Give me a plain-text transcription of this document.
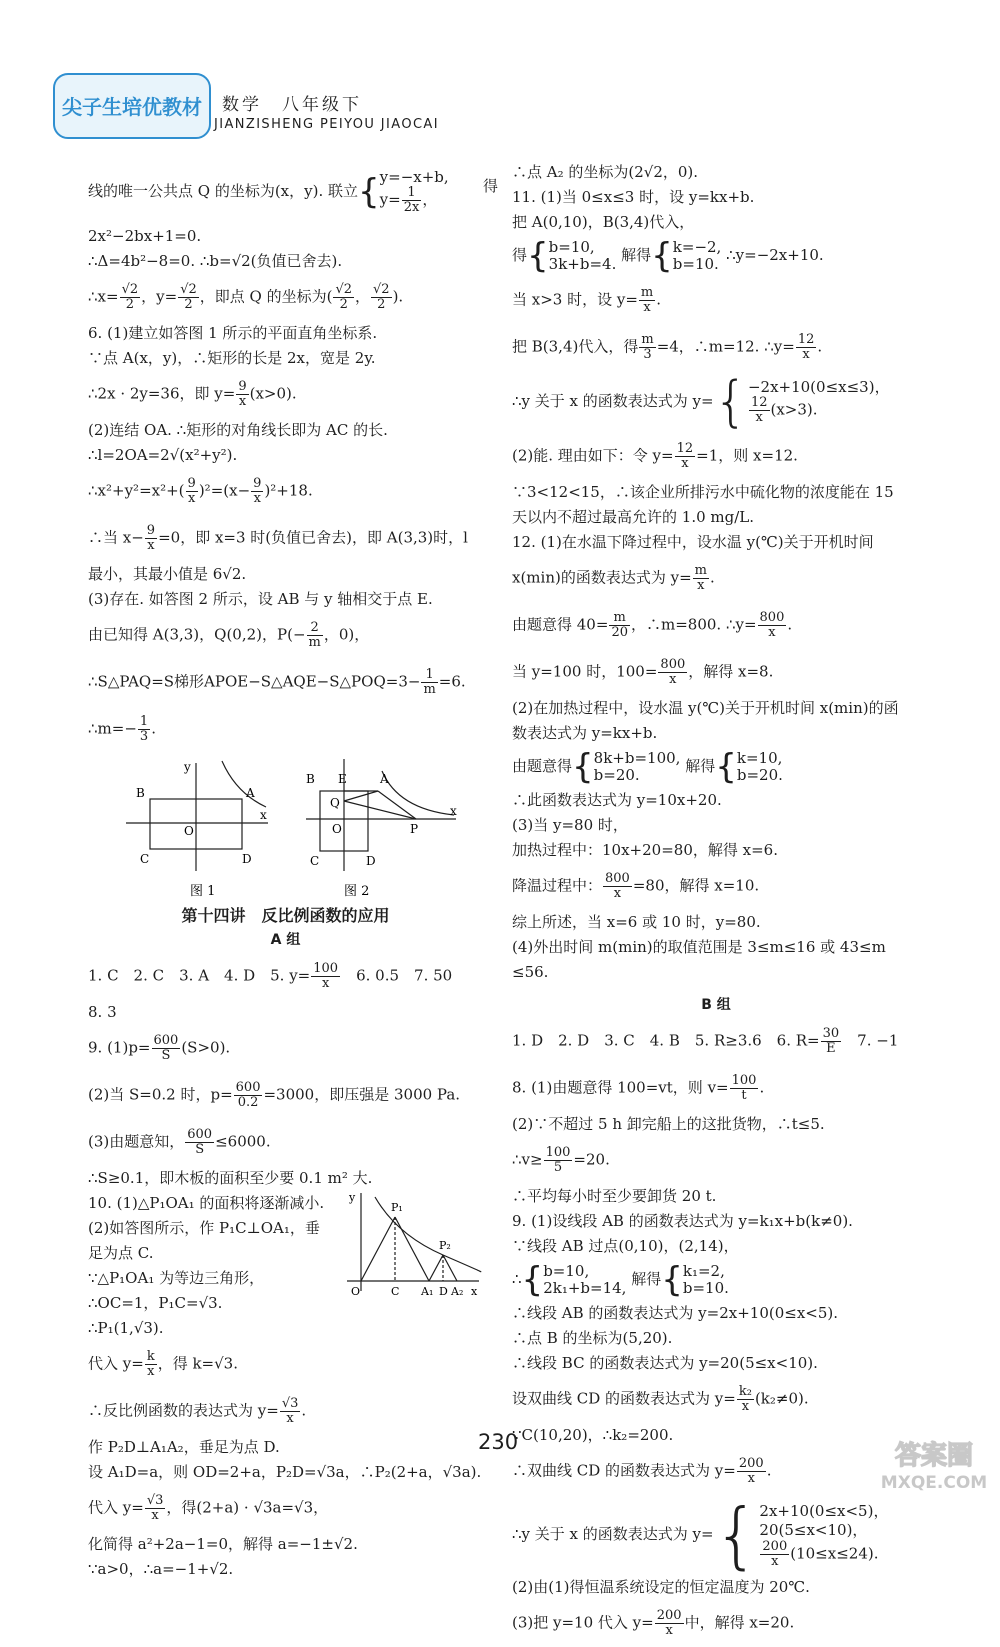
尖子生培优教材 数学　八年级下
JIANZISHENG PEIYOU JIAOCAI
线的唯一公共点 Q 的坐标为(x，y). 联立{y=−x+b,
$y= \frac{1}{2x}$ ，
得
2x²−2bx+1=0.
∴Δ=4b²−8=0. ∴b=√2(负值已舍去).
∴x= $\frac{√2}{2}$ ，$y= \frac{√2}{2}$ ，即点 Q 的坐标为( $\frac{√2}{2}$ ， $\frac{√2}{2}$ ).
6. (1)建立如答图 1 所示的平面直角坐标系.
∵点 A(x，y)，∴矩形的长是 2x，宽是 2y.
∴2x · 2y=36，即 $y= \frac{9}{x} (x>0)$.
(2)连结 OA. ∴矩形的对角线长即为 AC 的长.
∴l=2OA=2√(x²+y²).
∴x²+y²=x²+( $\frac{9}{x} )^2=(x- \frac{9}{x} )^2+18$.
∴当 $x- \frac{9}{x} =0$，即 x=3 时(负值已舍去)，即 A(3,3)时，l
最小，其最小值是 6√2.
(3)存在. 如答图 2 所示，设 AB 与 y 轴相交于点 E.
由已知得 A(3,3)，Q(0,2)，$P(- \frac{2}{m}$ ，0)，
∴S△PAQ=S梯形APOE−S△AQE−S△POQ=3− $\frac{1}{m} =6$.
∴m=− $\frac{1}{3}$ .
y
x
A
B
C	D
O
图 1
B E	A
Q
O	P
x
C	D
图 2
第十四讲　反比例函数的应用
A 组
1. C　2. C　3. A　4. D　5. $y= \frac{100}{x}$ 　6. 0.5　7. 50
8. 3
9. $(1)p= \frac{600}{S} (S>0)$.
(2)当 S=0.2 时，$p= \frac{600}{0.2} =3000$，即压强是 3000 Pa.
(3)由题意知， $\frac{600}{S} \le 6000$.
∴S≥0.1，即木板的面积至少要 0.1 m² 大.
y
P₁
P₂
O	C A₁ D A₂ x
10. (1)△P₁OA₁ 的面积将逐渐减小.
(2)如答图所示，作 P₁C⊥OA₁，垂
足为点 C.
∵△P₁OA₁ 为等边三角形，
∴OC=1，P₁C=√3.
∴P₁(1,√3).
代入 $y= \frac{k}{x}$ ，得 k=√3.
∴反比例函数的表达式为 $y= \frac{√3}{x}$ .
作 P₂D⊥A₁A₂，垂足为点 D.
设 A₁D=a，则 OD=2+a，P₂D=√3a，∴P₂(2+a，√3a).
代入 $y= \frac{√3}{x}$ ，得(2+a) · √3a=√3，
化简得 a²+2a−1=0，解得 a=−1±√2.
∵a>0，∴a=−1+√2.
∴点 A₂ 的坐标为(2√2，0).
11. (1)当 0≤x≤3 时，设 y=kx+b.
把 A(0,10)，B(3,4)代入，
得{b=10,
3k+b=4. 解得{k=−2,
b=10. ∴y=−2x+10.
当 x>3 时，设 $y= \frac{m}{x}$ .
把 B(3,4)代入，得 $\frac{m}{3} =4$，∴m=12. ∴y= $\frac{12}{x}$ .
∴y 关于 x 的函数表达式为 y={−2x+10(0≤x≤3)，

$\frac{12}{x} (x>3)$.
(2)能. 理由如下：令 $y= \frac{12}{x} =1$，则 x=12.
∵3<12<15，∴该企业所排污水中硫化物的浓度能在 15
天以内不超过最高允许的 1.0 mg/L.
12. (1)在水温下降过程中，设水温 y(℃)关于开机时间
x(min)的函数表达式为 $y= \frac{m}{x}$ .
由题意得 $40= \frac{m}{20}$ ，∴m=800. ∴y= $\frac{800}{x}$ .
当 y=100 时，$100= \frac{800}{x}$ ，解得 x=8.
(2)在加热过程中，设水温 y(℃)关于开机时间 x(min)的函
数表达式为 y=kx+b.
由题意得{8k+b=100,
b=20.	解得{k=10,
b=20.
∴此函数表达式为 y=10x+20.
(3)当 y=80 时，
加热过程中：10x+20=80，解得 x=6.
降温过程中： $\frac{800}{x} =80$，解得 x=10.
综上所述，当 x=6 或 10 时，y=80.
(4)外出时间 m(min)的取值范围是 3≤m≤16 或 43≤m
≤56.
B 组
1. D　2. D　3. C　4. B　5. R≥3.6　6. $R= \frac{30}{E}$ 　7. −1
8. (1)由题意得 100=vt，则 $v= \frac{100}{t}$ .
(2)∵不超过 5 h 卸完船上的这批货物，∴t≤5.
∴v≥ $\frac{100}{5} =20$.
∴平均每小时至少要卸货 20 t.
9. (1)设线段 AB 的函数表达式为 y=k₁x+b(k≠0).
∵线段 AB 过点(0,10)，(2,14)，
∴{b=10,
2k₁+b=14, 解得{k₁=2,
b=10.
∴线段 AB 的函数表达式为 y=2x+10(0≤x<5).
∴点 B 的坐标为(5,20).
∴线段 BC 的函数表达式为 y=20(5≤x<10).
设双曲线 CD 的函数表达式为 $y= \frac{\text{k₂}}{x} (k_2\ne 0)$.
∵C(10,20)，∴k₂=200.
∴双曲线 CD 的函数表达式为 $y= \frac{200}{x}$ .
∴y 关于 x 的函数表达式为 y={2x+10(0≤x<5)，
20(5≤x<10)，

$\frac{200}{x} (10\le x\le 24)$.
(2)由(1)得恒温系统设定的恒定温度为 20℃.
(3)把 y=10 代入 $y= \frac{200}{x}$ 中，解得 x=20.
230	答案圈
MXQE.COM
